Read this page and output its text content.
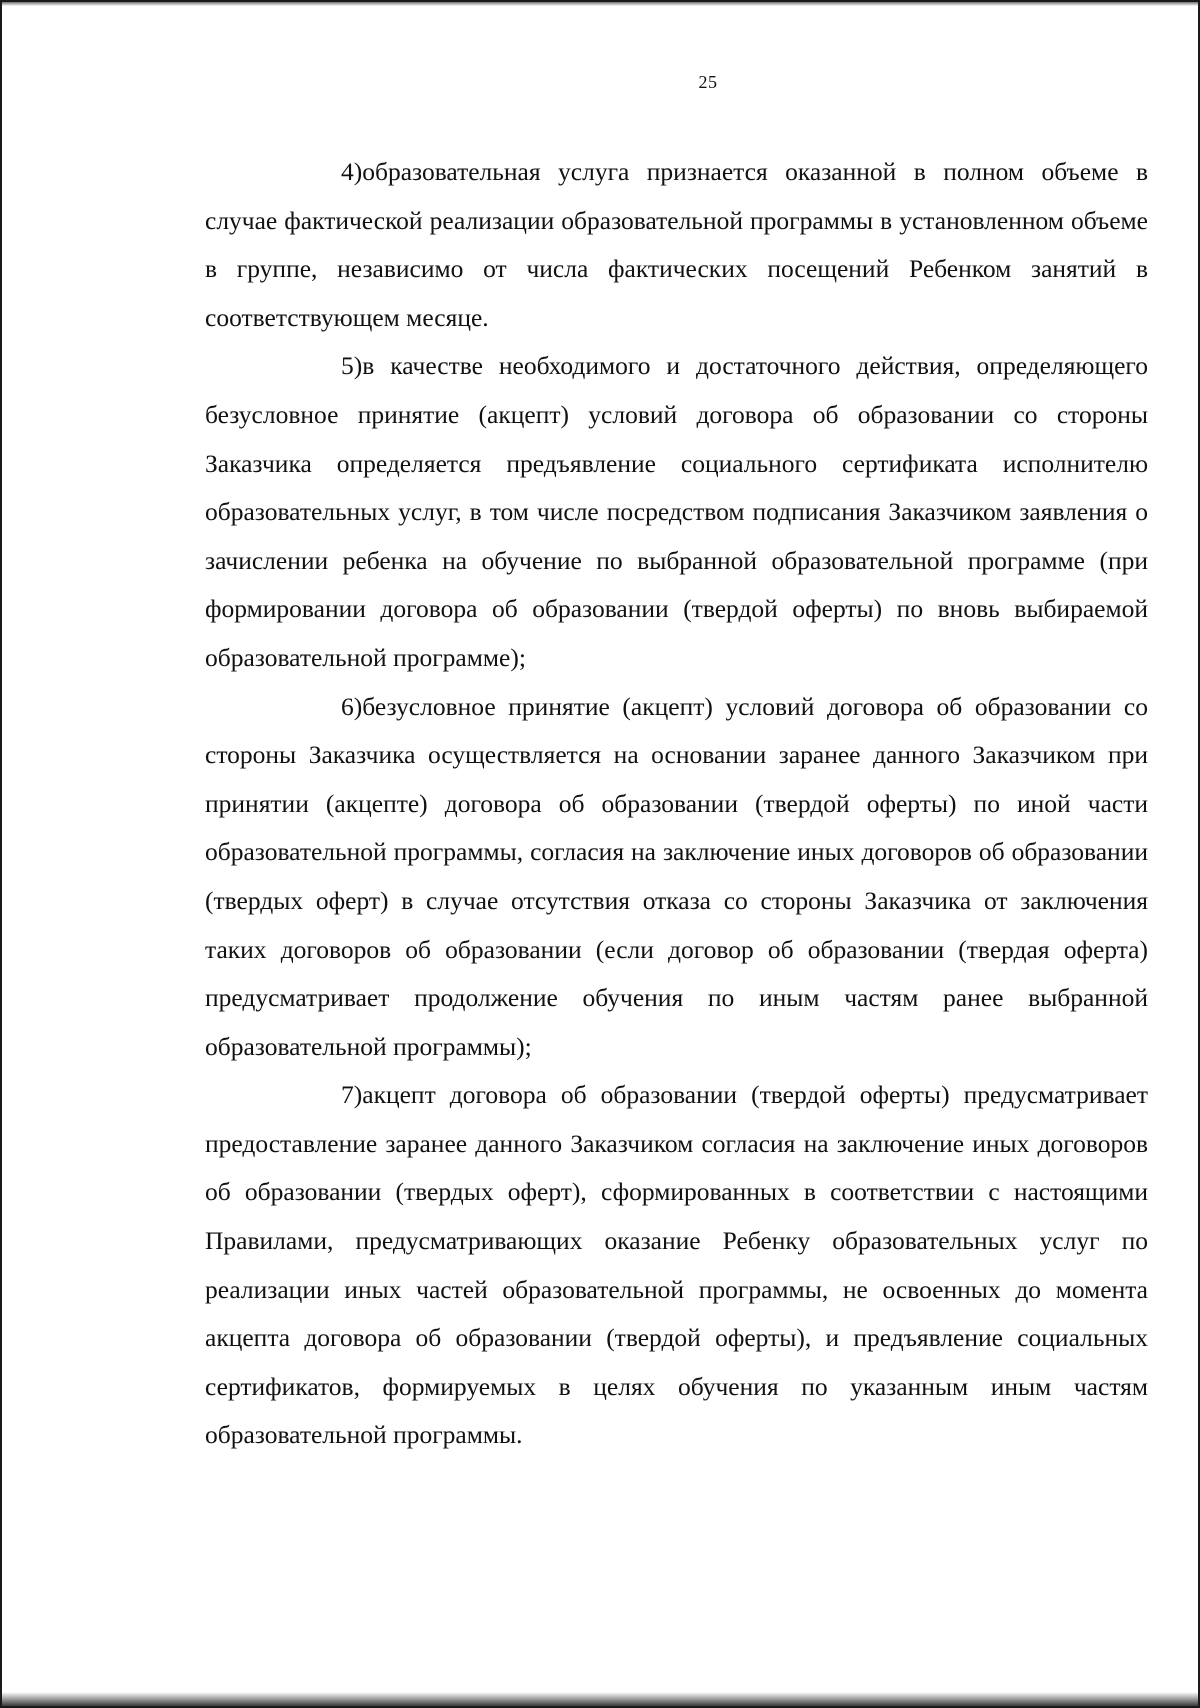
25

4)образовательная услуга признается оказанной в полном объеме в случае фактической реализации образовательной программы в установленном объеме в группе, независимо от числа фактических посещений Ребенком занятий в соответствующем месяце.

5)в качестве необходимого и достаточного действия, определяющего безусловное принятие (акцепт) условий договора об образовании со стороны Заказчика определяется предъявление социального сертификата исполнителю образовательных услуг, в том числе посредством подписания Заказчиком заявления о зачислении ребенка на обучение по выбранной образовательной программе (при формировании договора об образовании (твердой оферты) по вновь выбираемой образовательной программе);

6)безусловное принятие (акцепт) условий договора об образовании со стороны Заказчика осуществляется на основании заранее данного Заказчиком при принятии (акцепте) договора об образовании (твердой оферты) по иной части образовательной программы, согласия на заключение иных договоров об образовании (твердых оферт) в случае отсутствия отказа со стороны Заказчика от заключения таких договоров об образовании (если договор об образовании (твердая оферта) предусматривает продолжение обучения по иным частям ранее выбранной образовательной программы);

7)акцепт договора об образовании (твердой оферты) предусматривает предоставление заранее данного Заказчиком согласия на заключение иных договоров об образовании (твердых оферт), сформированных в соответствии с настоящими Правилами, предусматривающих оказание Ребенку образовательных услуг по реализации иных частей образовательной программы, не освоенных до момента акцепта договора об образовании (твердой оферты), и предъявление социальных сертификатов, формируемых в целях обучения по указанным иным частям образовательной программы.
